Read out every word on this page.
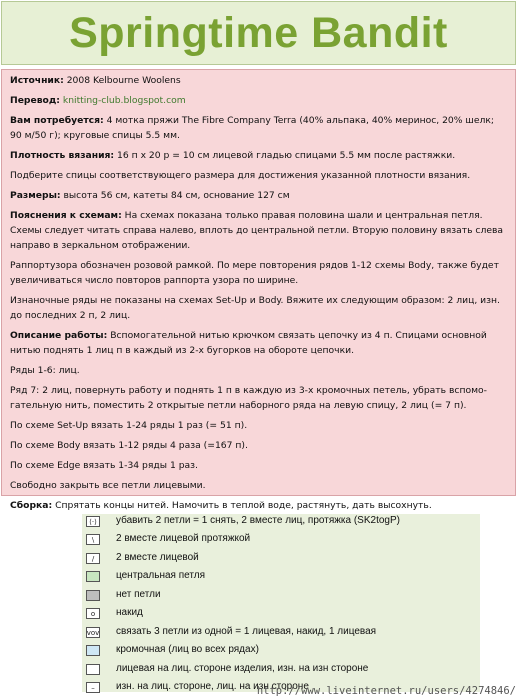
Springtime Bandit

Источник: 2008 Kelbourne Woolens

Перевод: knitting-club.blogspot.com

Вам потребуется: 4 мотка пряжи The Fibre Company Terra (40% альпака, 40% меринос, 20% шелк; 90 м/50 г); круговые спицы 5.5 мм.

Плотность вязания: 16 п х 20 р = 10 см лицевой гладью спицами 5.5 мм после растяжки.

Подберите спицы соответствующего размера для достижения указанной плотности вязания.

Размеры: высота 56 см, катеты 84 см, основание 127 см

Пояснения к схемам: На схемах показана только правая половина шали и центральная петля. Схемы следует читать справа налево, вплоть до центральной петли. Вторую половину вязать слева направо в зеркальном отображении.

Раппортузора обозначен розовой рамкой. По мере повторения рядов 1-12 схемы Body, также будет увеличиваться число повторов раппорта узора по ширине.

Изнаночные ряды не показаны на схемах Set-Up и Body. Вяжите их следующим образом: 2 лиц, изн. до последних 2 п, 2 лиц.

Описание работы: Вспомогательной нитью крючком связать цепочку из 4 п. Спицами основной нитью поднять 1 лиц п в каждый из 2-х бугорков на обороте цепочки.

Ряды 1-6: лиц.

Ряд 7: 2 лиц, повернуть работу и поднять 1 п в каждую из 3-х кромочных петель, убрать вспомо-гательную нить, поместить 2 открытые петли наборного ряда на левую спицу, 2 лиц (= 7 п).

По схеме Set-Up вязать 1-24 ряды 1 раз (= 51 п).

По схеме Body вязать 1-12 ряды 4 раза (=167 п).

По схеме Edge вязать 1-34 ряды 1 раз.

Свободно закрыть все петли лицевыми.

Сборка: Спрятать концы нитей. Намочить в теплой воде, растянуть, дать высохнуть.

⟨·⟩	убавить 2 петли = 1 снять, 2 вместе лиц, протяжка (SK2togP)
\	2 вместе лицевой протяжкой
/	2 вместе лицевой
центральная петля
нет петли
o	накид
vov связать 3 петли из одной = 1 лицевая, накид, 1 лицевая
кромочная (лиц во всех рядах)
лицевая на лиц. стороне изделия, изн. на изн стороне
–	изн. на лиц. стороне, лиц. на изн стороне
http://www.liveinternet.ru/users/4274846/
